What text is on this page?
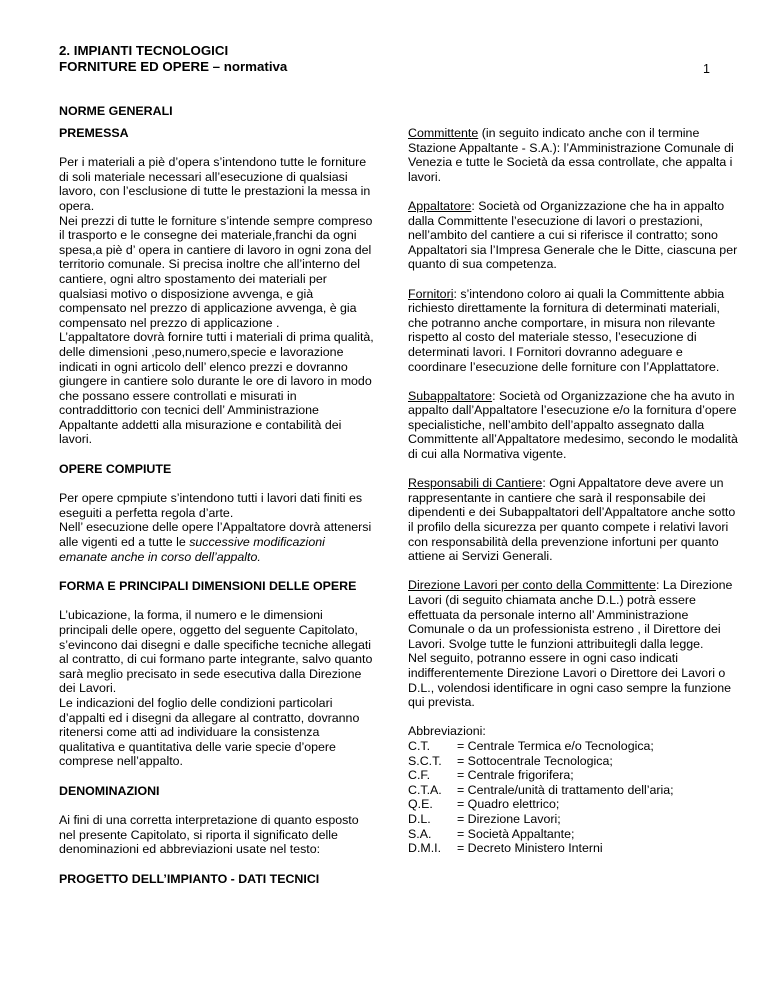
2. IMPIANTI TECNOLOGICI
FORNITURE ED OPERE – normativa	1
NORME GENERALI
PREMESSA

Per i materiali a piè d’opera s’intendono tutte le forniture di soli materiale necessari all’esecuzione di qualsiasi lavoro, con l’esclusione di tutte le prestazioni la messa in opera.

Nei prezzi di tutte le forniture s’intende sempre compreso il trasporto e le consegne dei materiale,franchi da ogni spesa,a piè d’ opera in cantiere di lavoro in ogni zona del territorio comunale. Si precisa inoltre che all’interno del cantiere, ogni altro spostamento dei materiali per qualsiasi motivo o disposizione avvenga, e già compensato nel prezzo di applicazione avvenga, è gia compensato nel prezzo di applicazione .

L’appaltatore dovrà fornire tutti i materiali di prima qualità, delle dimensioni ,peso,numero,specie e lavorazione indicati in ogni articolo dell’ elenco prezzi e dovranno giungere in cantiere solo durante le ore di lavoro in modo che possano essere controllati e misurati in contraddittorio con tecnici dell’ Amministrazione Appaltante addetti alla misurazione e contabilità dei lavori.

OPERE COMPIUTE

Per opere cpmpiute s’intendono tutti i lavori dati finiti es eseguiti a perfetta regola d’arte.

Nell’ esecuzione delle opere l’Appaltatore dovrà attenersi alle vigenti ed a tutte le successive modificazioni emanate anche in corso dell’appalto.

FORMA E PRINCIPALI DIMENSIONI DELLE OPERE

L’ubicazione, la forma, il numero e le dimensioni principali delle opere, oggetto del seguente Capitolato, s’evincono dai disegni e dalle specifiche tecniche allegati al contratto, di cui formano parte integrante, salvo quanto sarà meglio precisato in sede esecutiva dalla Direzione dei Lavori.

Le indicazioni del foglio delle condizioni particolari d’appalti ed i disegni da allegare al contratto, dovranno ritenersi come atti ad individuare la consistenza qualitativa e quantitativa delle varie specie d’opere comprese nell’appalto.

DENOMINAZIONI

Ai fini di una corretta interpretazione di quanto esposto nel presente Capitolato, si riporta il significato delle denominazioni ed abbreviazioni usate nel testo:

PROGETTO DELL’IMPIANTO - DATI TECNICI

Committente (in seguito indicato anche con il termine Stazione Appaltante - S.A.): l’Amministrazione Comunale di Venezia e tutte le Società da essa controllate, che appalta i lavori.

Appaltatore: Società od Organizzazione che ha in appalto dalla Committente l’esecuzione di lavori o prestazioni, nell’ambito del cantiere a cui si riferisce il contratto; sono Appaltatori sia l’Impresa Generale che le Ditte, ciascuna per quanto di sua competenza.

Fornitori: s’intendono coloro ai quali la Committente abbia richiesto direttamente la fornitura di determinati materiali, che potranno anche comportare, in misura non rilevante rispetto al costo del materiale stesso, l’esecuzione di determinati lavori. I Fornitori dovranno adeguare e coordinare l’esecuzione delle forniture con l’Applattatore.

Subappaltatore: Società od Organizzazione che ha avuto in appalto dall’Appaltatore l’esecuzione e/o la fornitura d’opere specialistiche, nell’ambito dell’appalto assegnato dalla Committente all’Appaltatore medesimo, secondo le modalità di cui alla Normativa vigente.

Responsabili di Cantiere: Ogni Appaltatore deve avere un rappresentante in cantiere che sarà il responsabile dei dipendenti e dei Subappaltatori dell’Appaltatore anche sotto il profilo della sicurezza per quanto compete i relativi lavori con responsabilità della prevenzione infortuni per quanto attiene ai Servizi Generali.

Direzione Lavori per conto della Committente: La Direzione Lavori (di seguito chiamata anche D.L.) potrà essere effettuata da personale interno all’ Amministrazione Comunale o da un professionista estreno , il Direttore dei Lavori. Svolge tutte le funzioni attribuitegli dalla legge.

Nel seguito, potranno essere in ogni caso indicati indifferentemente Direzione Lavori o Direttore dei Lavori o D.L., volendosi identificare in ogni caso sempre la funzione qui prevista.

Abbreviazioni:

C.T.	= Centrale Termica e/o Tecnologica;
S.C.T.	= Sottocentrale Tecnologica;
C.F.	= Centrale frigorifera;
C.T.A.	= Centrale/unità di trattamento dell’aria;
Q.E.	= Quadro elettrico;
D.L.	= Direzione Lavori;
S.A.	= Società Appaltante;
D.M.I.	= Decreto Ministero Interni
